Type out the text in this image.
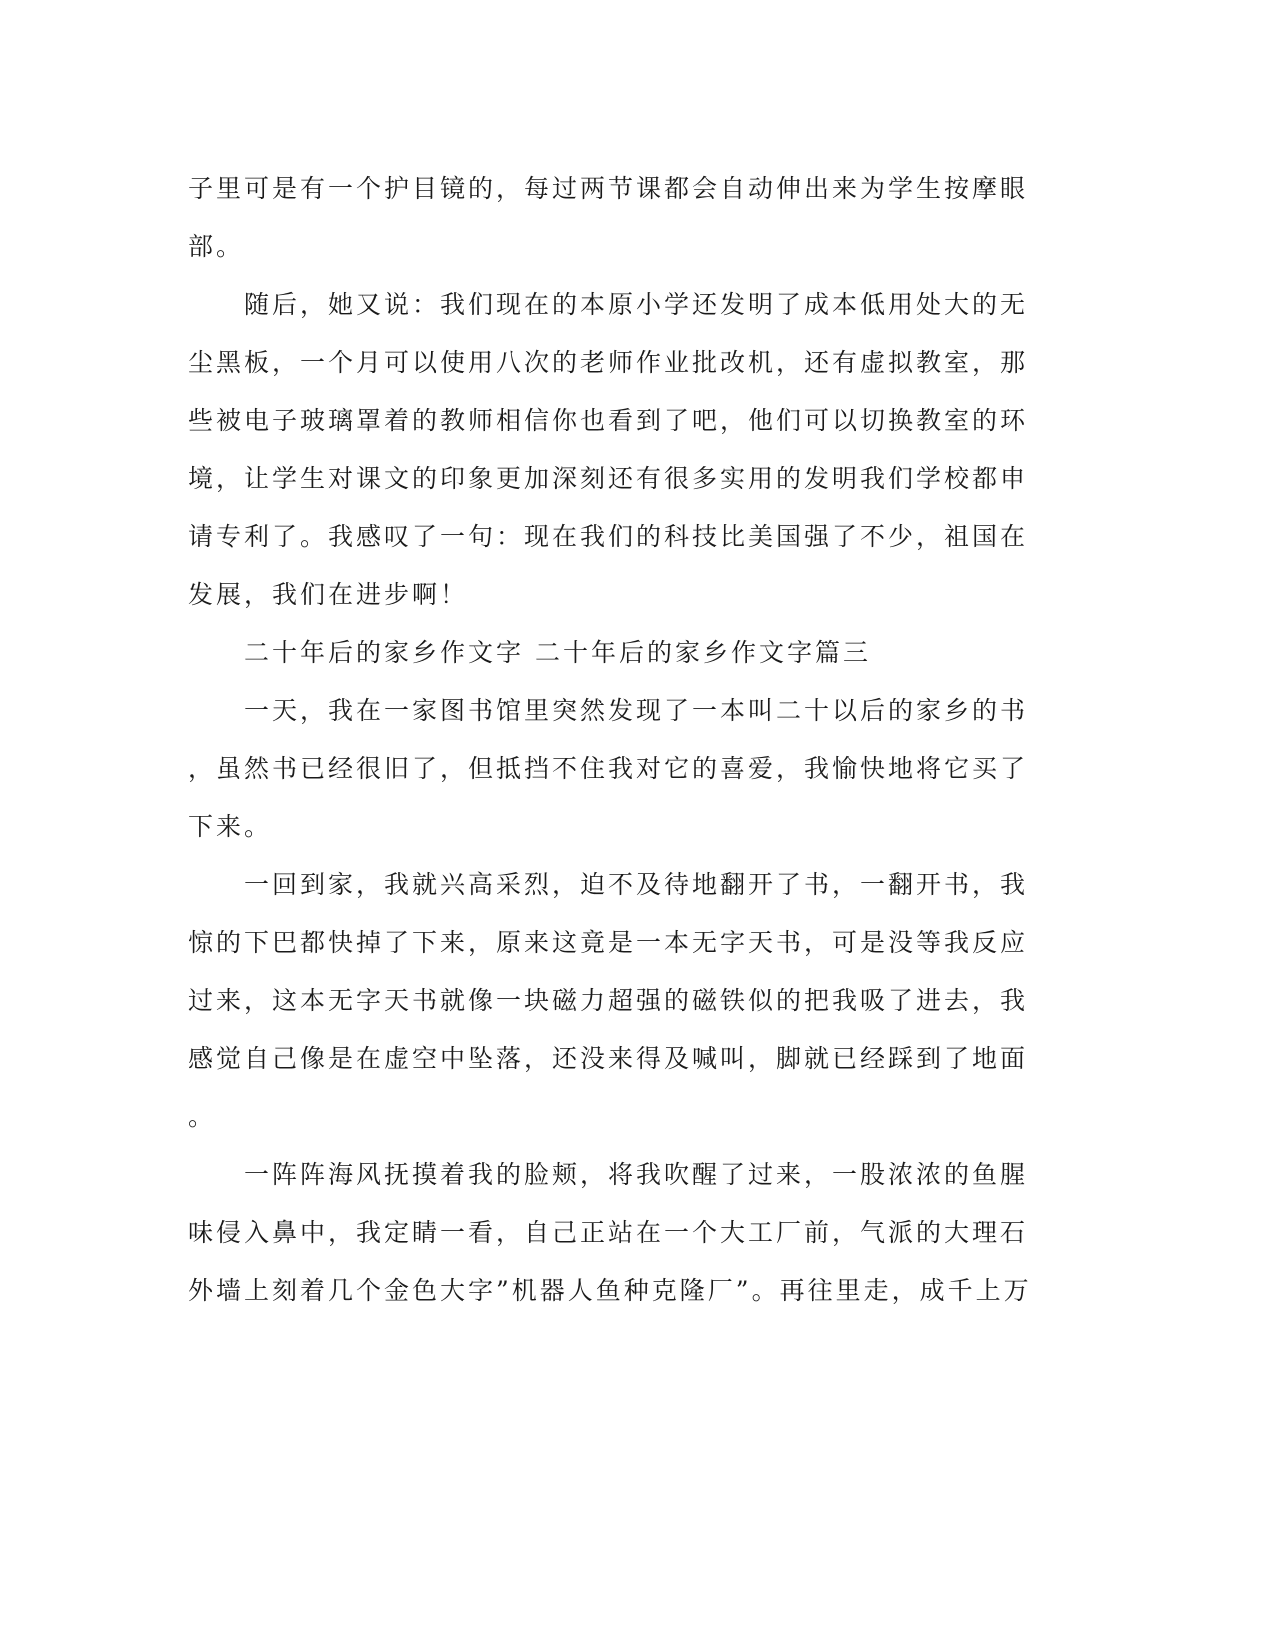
子里可是有一个护目镜的，每过两节课都会自动伸出来为学生按摩眼

部。

　　随后，她又说：我们现在的本原小学还发明了成本低用处大的无

尘黑板，一个月可以使用八次的老师作业批改机，还有虚拟教室，那

些被电子玻璃罩着的教师相信你也看到了吧，他们可以切换教室的环

境，让学生对课文的印象更加深刻还有很多实用的发明我们学校都申

请专利了。我感叹了一句：现在我们的科技比美国强了不少，祖国在

发展，我们在进步啊！

　　二十年后的家乡作文字 二十年后的家乡作文字篇三

　　一天，我在一家图书馆里突然发现了一本叫二十以后的家乡的书

，虽然书已经很旧了，但抵挡不住我对它的喜爱，我愉快地将它买了

下来。

　　一回到家，我就兴高采烈，迫不及待地翻开了书，一翻开书，我

惊的下巴都快掉了下来，原来这竟是一本无字天书，可是没等我反应

过来，这本无字天书就像一块磁力超强的磁铁似的把我吸了进去，我

感觉自己像是在虚空中坠落，还没来得及喊叫，脚就已经踩到了地面

。

　　一阵阵海风抚摸着我的脸颊，将我吹醒了过来，一股浓浓的鱼腥

味侵入鼻中，我定睛一看，自己正站在一个大工厂前，气派的大理石

外墙上刻着几个金色大字”机器人鱼种克隆厂”。再往里走，成千上万
